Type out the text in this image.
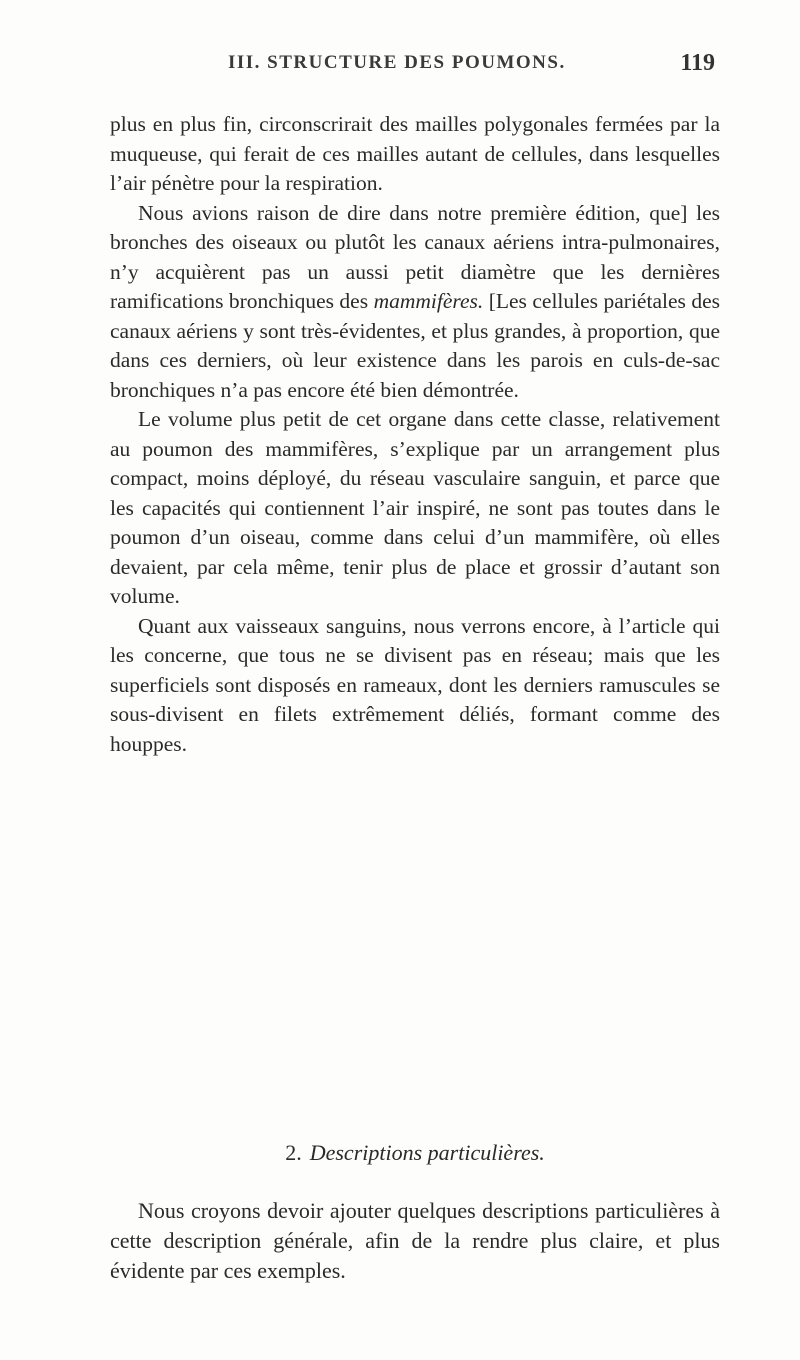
III. STRUCTURE DES POUMONS.	119

plus en plus fin, circonscrirait des mailles polygonales fermées par la muqueuse, qui ferait de ces mailles autant de cellules, dans lesquelles l’air pénètre pour la respiration.

Nous avions raison de dire dans notre première édition, que] les bronches des oiseaux ou plutôt les canaux aériens intra-pulmonaires, n’y acquièrent pas un aussi petit diamètre que les dernières ramifications bronchiques des mammifères. [Les cellules pariétales des canaux aériens y sont très-évidentes, et plus grandes, à proportion, que dans ces derniers, où leur existence dans les parois en culs-de-sac bronchiques n’a pas encore été bien démontrée.

Le volume plus petit de cet organe dans cette classe, relativement au poumon des mammifères, s’explique par un arrangement plus compact, moins déployé, du réseau vasculaire sanguin, et parce que les capacités qui contiennent l’air inspiré, ne sont pas toutes dans le poumon d’un oiseau, comme dans celui d’un mammifère, où elles devaient, par cela même, tenir plus de place et grossir d’autant son volume.

Quant aux vaisseaux sanguins, nous verrons encore, à l’article qui les concerne, que tous ne se divisent pas en réseau; mais que les superficiels sont disposés en rameaux, dont les derniers ramuscules se sous-divisent en filets extrêmement déliés, formant comme des houppes.

2. Descriptions particulières.

Nous croyons devoir ajouter quelques descriptions particulières à cette description générale, afin de la rendre plus claire, et plus évidente par ces exemples.
